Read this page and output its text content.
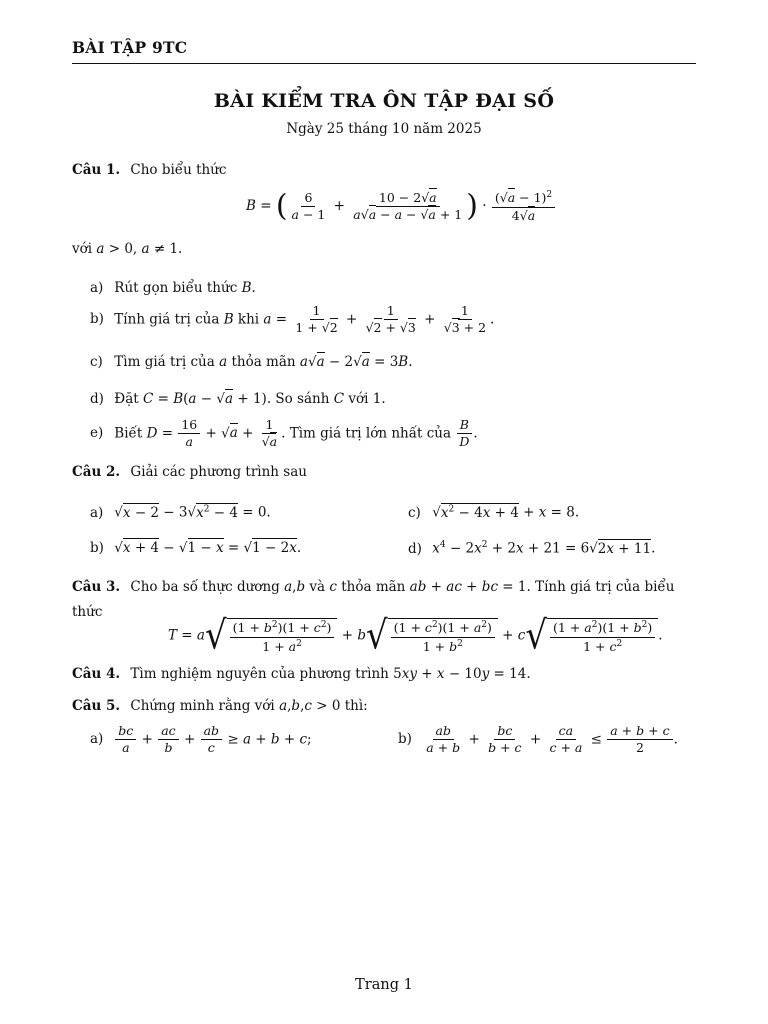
BÀI TẬP 9TC
BÀI KIỂM TRA ÔN TẬP ĐẠI SỐ
Ngày 25 tháng 10 năm 2025
Câu 1. Cho biểu thức
B = ( $\frac{6}{a - 1} + \frac{10 - 2√a}{a√a - a - √a + 1}$ ) · $\frac{(√a - 1)^2}{4√a}$
với a > 0, a ≠ 1.
a) Rút gọn biểu thức B.
b) Tính giá trị của B khi $a = \frac{1}{1 + √2} + \frac{1}{√2 + √3} + \frac{1}{√3 + 2}$ .
c) Tìm giá trị của a thỏa mãn a√a − 2√a = 3B.
d) Đặt C = B(a − √a + 1). So sánh C với 1.
e) Biết $D = \frac{16}{a} + √a + \frac{1}{√a}$ . Tìm giá trị lớn nhất của $\frac{B}{D}$ .
Câu 2. Giải các phương trình sau
a) $√x - 2 - 3√x^2 - 4 = 0$.	c) $√x^2 - 4x + 4 + x = 8$.
b) √x + 4 − √1 − x = √1 − 2x.	d) $x^4 - 2x^2 + 2x + 21 = 6√2x + 11$.
Câu 3. Cho ba số thực dương a,b và c thỏa mãn ab + ac + bc = 1. Tính giá trị của biểu
thức
T = a √ $\frac{(1 + b^2)(1 + c^2)}{1 + a^2} + b$ √ $\frac{(1 + c^2)(1 + a^2)}{1 + b^2} + c$ √ $\frac{(1 + a^2)(1 + b^2)}{1 + c^2}$ .
Câu 4. Tìm nghiệm nguyên của phương trình 5xy + x − 10y = 14.
Câu 5. Chứng minh rằng với a,b,c > 0 thì:
$a) \frac{bc}{a} + \frac{ac}{b} + \frac{ab}{c} \ge a + b + c$;	$b) \frac{ab}{a + b} + \frac{bc}{b + c} + \frac{ca}{c + a} \le \frac{a + b + c}{2}$ .
Trang 1
